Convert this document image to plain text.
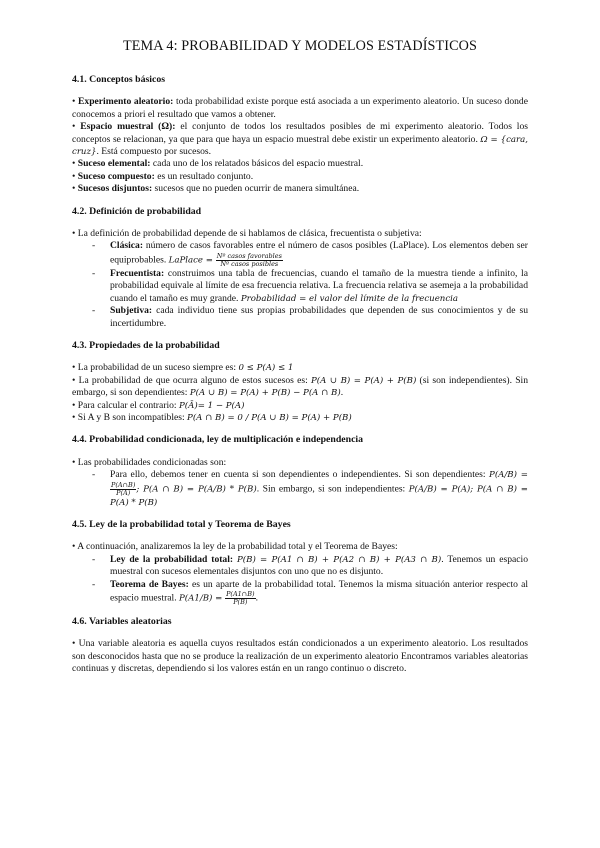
TEMA 4: PROBABILIDAD Y MODELOS ESTADÍSTICOS
4.1. Conceptos básicos

• Experimento aleatorio: toda probabilidad existe porque está asociada a un experimento aleatorio. Un suceso donde conocemos a priori el resultado que vamos a obtener.

• Espacio muestral (Ω): el conjunto de todos los resultados posibles de mi experimento aleatorio. Todos los conceptos se relacionan, ya que para que haya un espacio muestral debe existir un experimento aleatorio. Ω = {cara, cruz}. Está compuesto por sucesos.

• Suceso elemental: cada uno de los relatados básicos del espacio muestral.

• Suceso compuesto: es un resultado conjunto.

• Sucesos disjuntos: sucesos que no pueden ocurrir de manera simultánea.

4.2. Definición de probabilidad

• La definición de probabilidad depende de si hablamos de clásica, frecuentista o subjetiva:

- Clásica: número de casos favorables entre el número de casos posibles (LaPlace). Los elementos deben ser equiprobables. LaPlace = $\frac{\text{Nº casos favorables}}{\text{Nº casos posibles}}$

- Frecuentista: construimos una tabla de frecuencias, cuando el tamaño de la muestra tiende a infinito, la probabilidad equivale al límite de esa frecuencia relativa. La frecuencia relativa se asemeja a la probabilidad cuando el tamaño es muy grande. Probabilidad = el valor del límite de la frecuencia

- Subjetiva: cada individuo tiene sus propias probabilidades que dependen de sus conocimientos y de su incertidumbre.

4.3. Propiedades de la probabilidad

• La probabilidad de un suceso siempre es: 0 ≤ P(A) ≤ 1

• La probabilidad de que ocurra alguno de estos sucesos es: P(A ∪ B) = P(A) + P(B) (si son independientes). Sin embargo, si son dependientes: P(A ∪ B) = P(A) + P(B) − P(A ∩ B).

• Para calcular el contrario: P(Ā)= 1 − P(A)

• Si A y B son incompatibles: P(A ∩ B) = 0 / P(A ∪ B) = P(A) + P(B)

4.4. Probabilidad condicionada, ley de multiplicación e independencia

• Las probabilidades condicionadas son:

- Para ello, debemos tener en cuenta si son dependientes o independientes. Si son dependientes: P(A/B) =
$\frac{P(A\cap B)}{P(A)}$ ; P(A ∩ B) = P(A/B) * P(B). Sin embargo, si son independientes: P(A/B) = P(A); P(A ∩ B) = P(A) * P(B)

4.5. Ley de la probabilidad total y Teorema de Bayes

• A continuación, analizaremos la ley de la probabilidad total y el Teorema de Bayes:

- Ley de la probabilidad total: P(B) = P(A1 ∩ B) + P(A2 ∩ B) + P(A3 ∩ B). Tenemos un espacio muestral con sucesos elementales disjuntos con uno que no es disjunto.

- Teorema de Bayes: es un aparte de la probabilidad total. Tenemos la misma situación anterior respecto al espacio muestral. $P(A1/B) = \frac{P(A1\cap B)}{P(B)}$ .

4.6. Variables aleatorias

• Una variable aleatoria es aquella cuyos resultados están condicionados a un experimento aleatorio. Los resultados son desconocidos hasta que no se produce la realización de un experimento aleatorio Encontramos variables aleatorias continuas y discretas, dependiendo si los valores están en un rango continuo o discreto.
